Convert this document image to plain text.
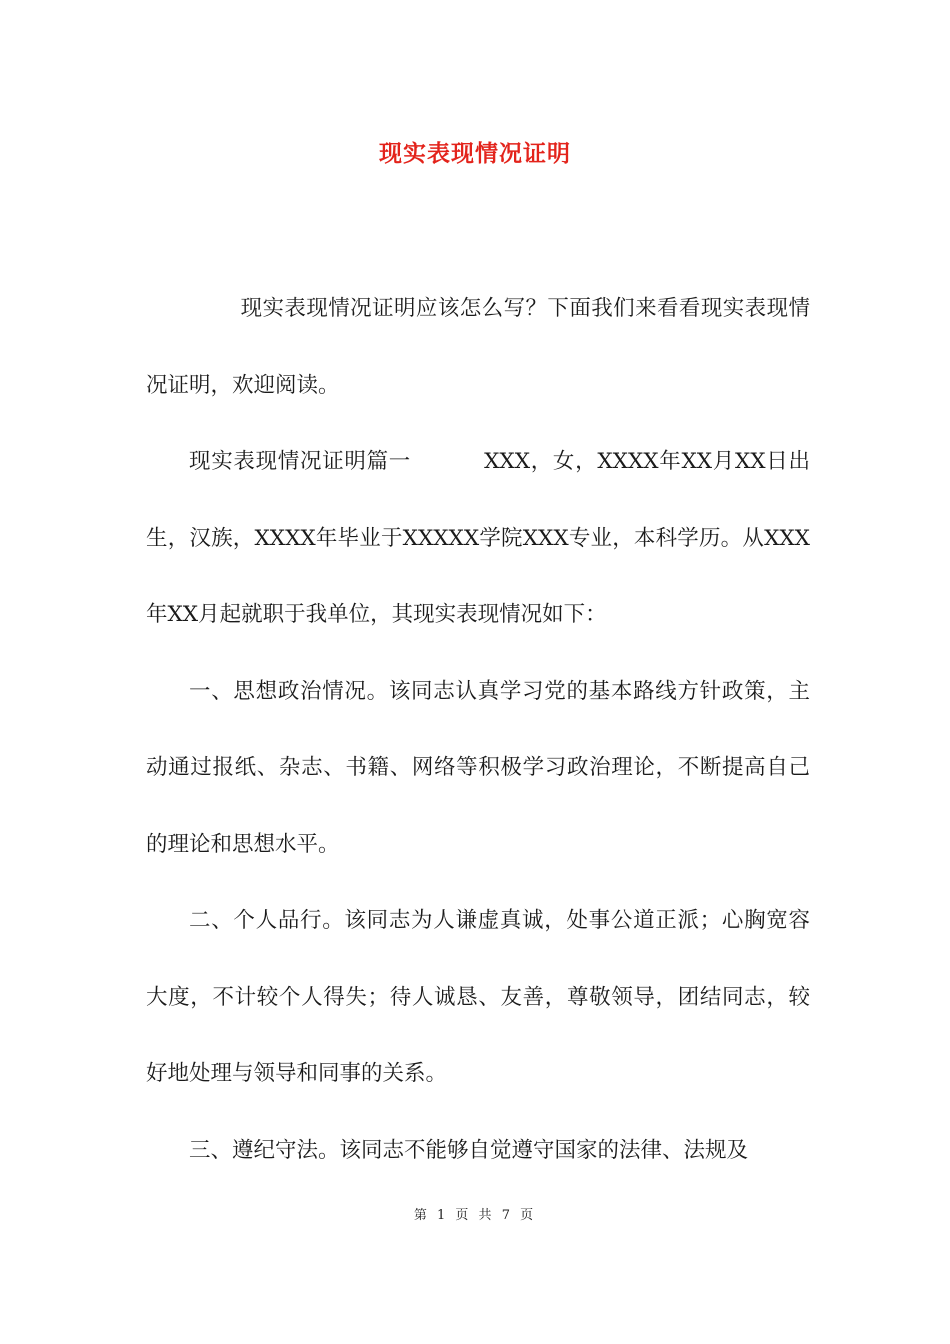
现实表现情况证明

现实表现情况证明应该怎么写？下面我们来看看现实表现情况证明，欢迎阅读。

现实表现情况证明篇一	XXX，女，XXXX年XX月XX日出生，汉族，XXXX年毕业于XXXXX学院XXX专业，本科学历。从XXX年XX月起就职于我单位，其现实表现情况如下：

一、思想政治情况。该同志认真学习党的基本路线方针政策，主动通过报纸、杂志、书籍、网络等积极学习政治理论，不断提高自己的理论和思想水平。

二、个人品行。该同志为人谦虚真诚，处事公道正派；心胸宽容大度，不计较个人得失；待人诚恳、友善，尊敬领导，团结同志，较好地处理与领导和同事的关系。

三、遵纪守法。该同志不能够自觉遵守国家的法律、法规及

第 1 页 共 7 页
